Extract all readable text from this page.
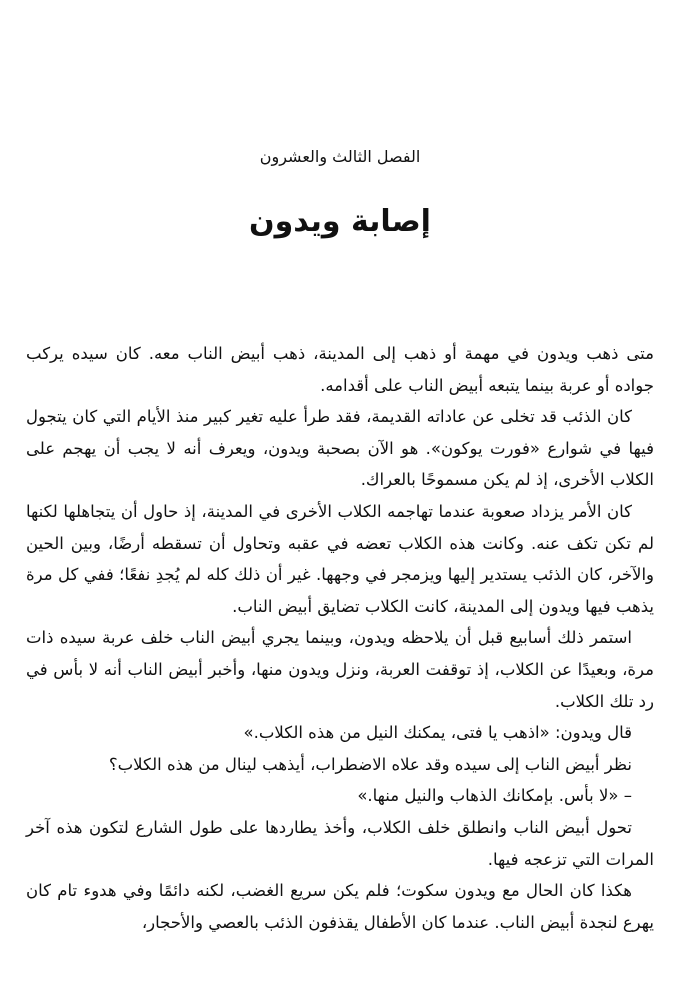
الفصل الثالث والعشرون
إصابة ويدون

متى ذهب ويدون في مهمة أو ذهب إلى المدينة، ذهب أبيض الناب معه. كان سيده يركب جواده أو عربة بينما يتبعه أبيض الناب على أقدامه.

كان الذئب قد تخلى عن عاداته القديمة، فقد طرأ عليه تغير كبير منذ الأيام التي كان يتجول فيها في شوارع «فورت يوكون». هو الآن بصحبة ويدون، ويعرف أنه لا يجب أن يهجم على الكلاب الأخرى، إذ لم يكن مسموحًا بالعراك.

كان الأمر يزداد صعوبة عندما تهاجمه الكلاب الأخرى في المدينة، إذ حاول أن يتجاهلها لكنها لم تكن تكف عنه. وكانت هذه الكلاب تعضه في عقبه وتحاول أن تسقطه أرضًا، وبين الحين والآخر، كان الذئب يستدير إليها ويزمجر في وجهها. غير أن ذلك كله لم يُجدِ نفعًا؛ ففي كل مرة يذهب فيها ويدون إلى المدينة، كانت الكلاب تضايق أبيض الناب.

استمر ذلك أسابيع قبل أن يلاحظه ويدون، وبينما يجري أبيض الناب خلف عربة سيده ذات مرة، وبعيدًا عن الكلاب، إذ توقفت العربة، ونزل ويدون منها، وأخبر أبيض الناب أنه لا بأس في رد تلك الكلاب.

قال ويدون: «اذهب يا فتى، يمكنك النيل من هذه الكلاب.»

نظر أبيض الناب إلى سيده وقد علاه الاضطراب، أيذهب لينال من هذه الكلاب؟

– «لا بأس. بإمكانك الذهاب والنيل منها.»

تحول أبيض الناب وانطلق خلف الكلاب، وأخذ يطاردها على طول الشارع لتكون هذه آخر المرات التي تزعجه فيها.

هكذا كان الحال مع ويدون سكوت؛ فلم يكن سريع الغضب، لكنه دائمًا وفي هدوء تام كان يهرع لنجدة أبيض الناب. عندما كان الأطفال يقذفون الذئب بالعصي والأحجار،
